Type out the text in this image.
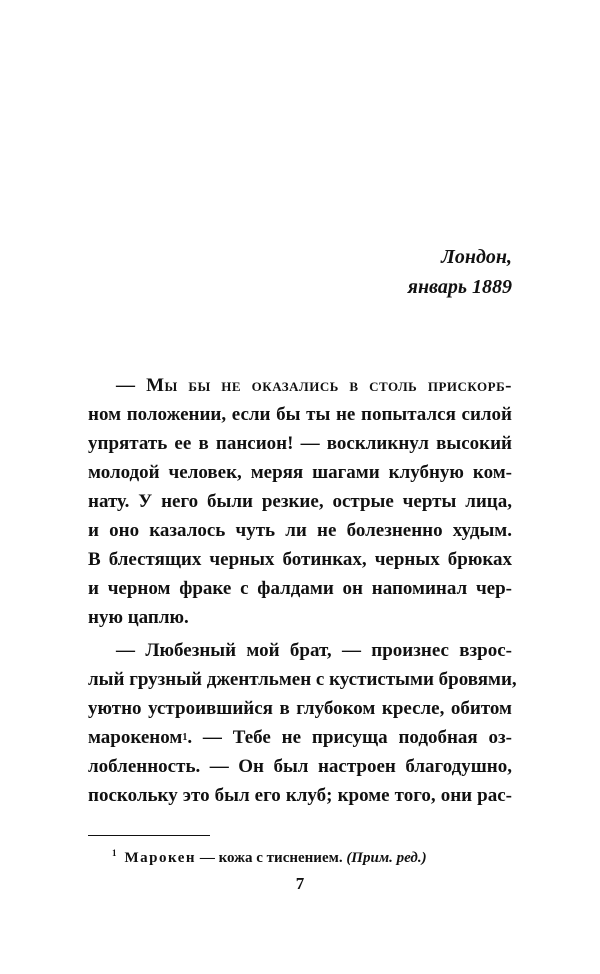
Лондон,
январь 1889
— Мы бы не оказались в столь прискорб-
ном положении, если бы ты не попытался силой
упрятать ее в пансион! — воскликнул высокий
молодой человек, меряя шагами клубную ком-
нату. У него были резкие, острые черты лица,
и оно казалось чуть ли не болезненно худым.
В блестящих черных ботинках, черных брюках
и черном фраке с фалдами он напоминал чер-
ную цаплю.
— Любезный мой брат, — произнес взрос-
лый грузный джентльмен с кустистыми бровями,
уютно устроившийся в глубоком кресле, обитом
марокеном 1 . — Тебе не присуща подобная оз-
лобленность. — Он был настроен благодушно,
поскольку это был его клуб; кроме того, они рас-
$^1$ Марокен — кожа с тиснением. (Прим. ред.)
7
